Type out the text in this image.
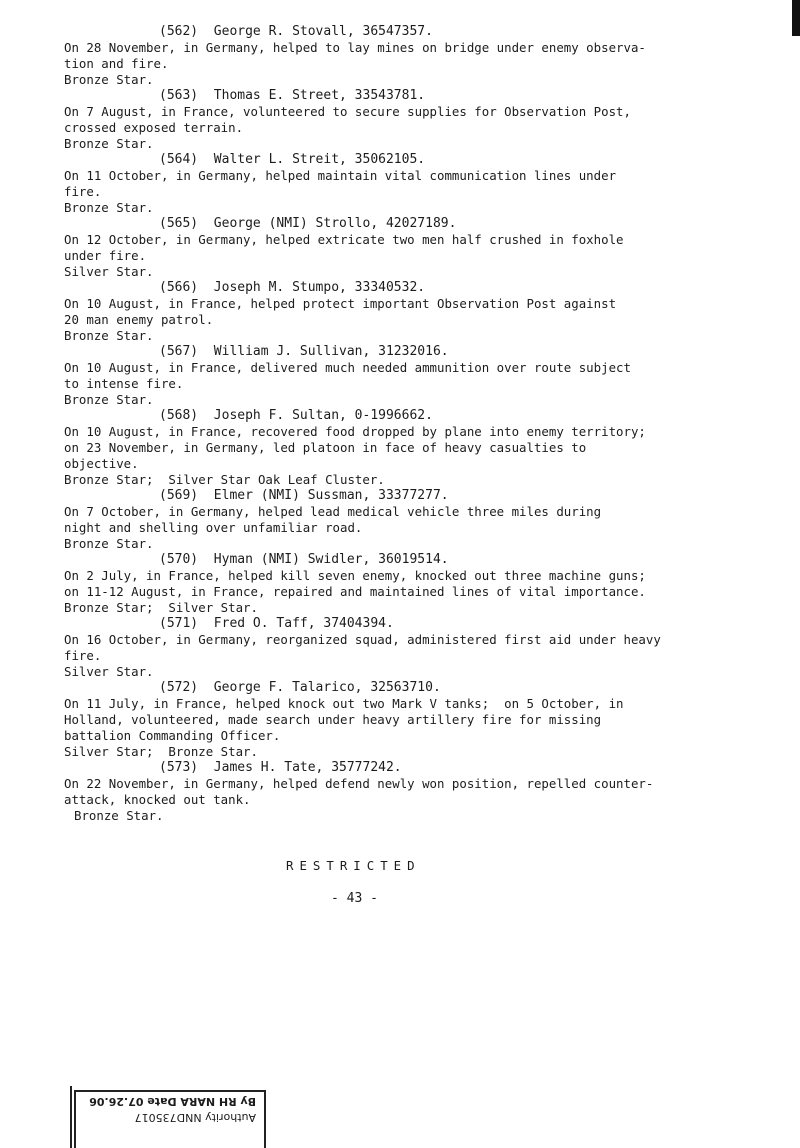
(562) George R. Stovall, 36547357.
On 28 November, in Germany, helped to lay mines on bridge under enemy observa-
tion and fire.
Bronze Star.
(563) Thomas E. Street, 33543781.
On 7 August, in France, volunteered to secure supplies for Observation Post,
crossed exposed terrain.
Bronze Star.
(564) Walter L. Streit, 35062105.
On 11 October, in Germany, helped maintain vital communication lines under
fire.
Bronze Star.
(565) George (NMI) Strollo, 42027189.
On 12 October, in Germany, helped extricate two men half crushed in foxhole
under fire.
Silver Star.
(566) Joseph M. Stumpo, 33340532.
On 10 August, in France, helped protect important Observation Post against
20 man enemy patrol.
Bronze Star.
(567) William J. Sullivan, 31232016.
On 10 August, in France, delivered much needed ammunition over route subject
to intense fire.
Bronze Star.
(568) Joseph F. Sultan, 0-1996662.
On 10 August, in France, recovered food dropped by plane into enemy territory;
on 23 November, in Germany, led platoon in face of heavy casualties to
objective.
Bronze Star;  Silver Star Oak Leaf Cluster.
(569) Elmer (NMI) Sussman, 33377277.
On 7 October, in Germany, helped lead medical vehicle three miles during
night and shelling over unfamiliar road.
Bronze Star.
(570) Hyman (NMI) Swidler, 36019514.
On 2 July, in France, helped kill seven enemy, knocked out three machine guns;
on 11-12 August, in France, repaired and maintained lines of vital importance.
Bronze Star;  Silver Star.
(571) Fred O. Taff, 37404394.
On 16 October, in Germany, reorganized squad, administered first aid under heavy
fire.
Silver Star.
(572) George F. Talarico, 32563710.
On 11 July, in France, helped knock out two Mark V tanks;  on 5 October, in
Holland, volunteered, made search under heavy artillery fire for missing
battalion Commanding Officer.
Silver Star;  Bronze Star.
(573) James H. Tate, 35777242.
On 22 November, in Germany, helped defend newly won position, repelled counter-
attack, knocked out tank.
Bronze Star.
RESTRICTED
- 43 -
Authority NND735017
By RH NARA Date 07.26.06
